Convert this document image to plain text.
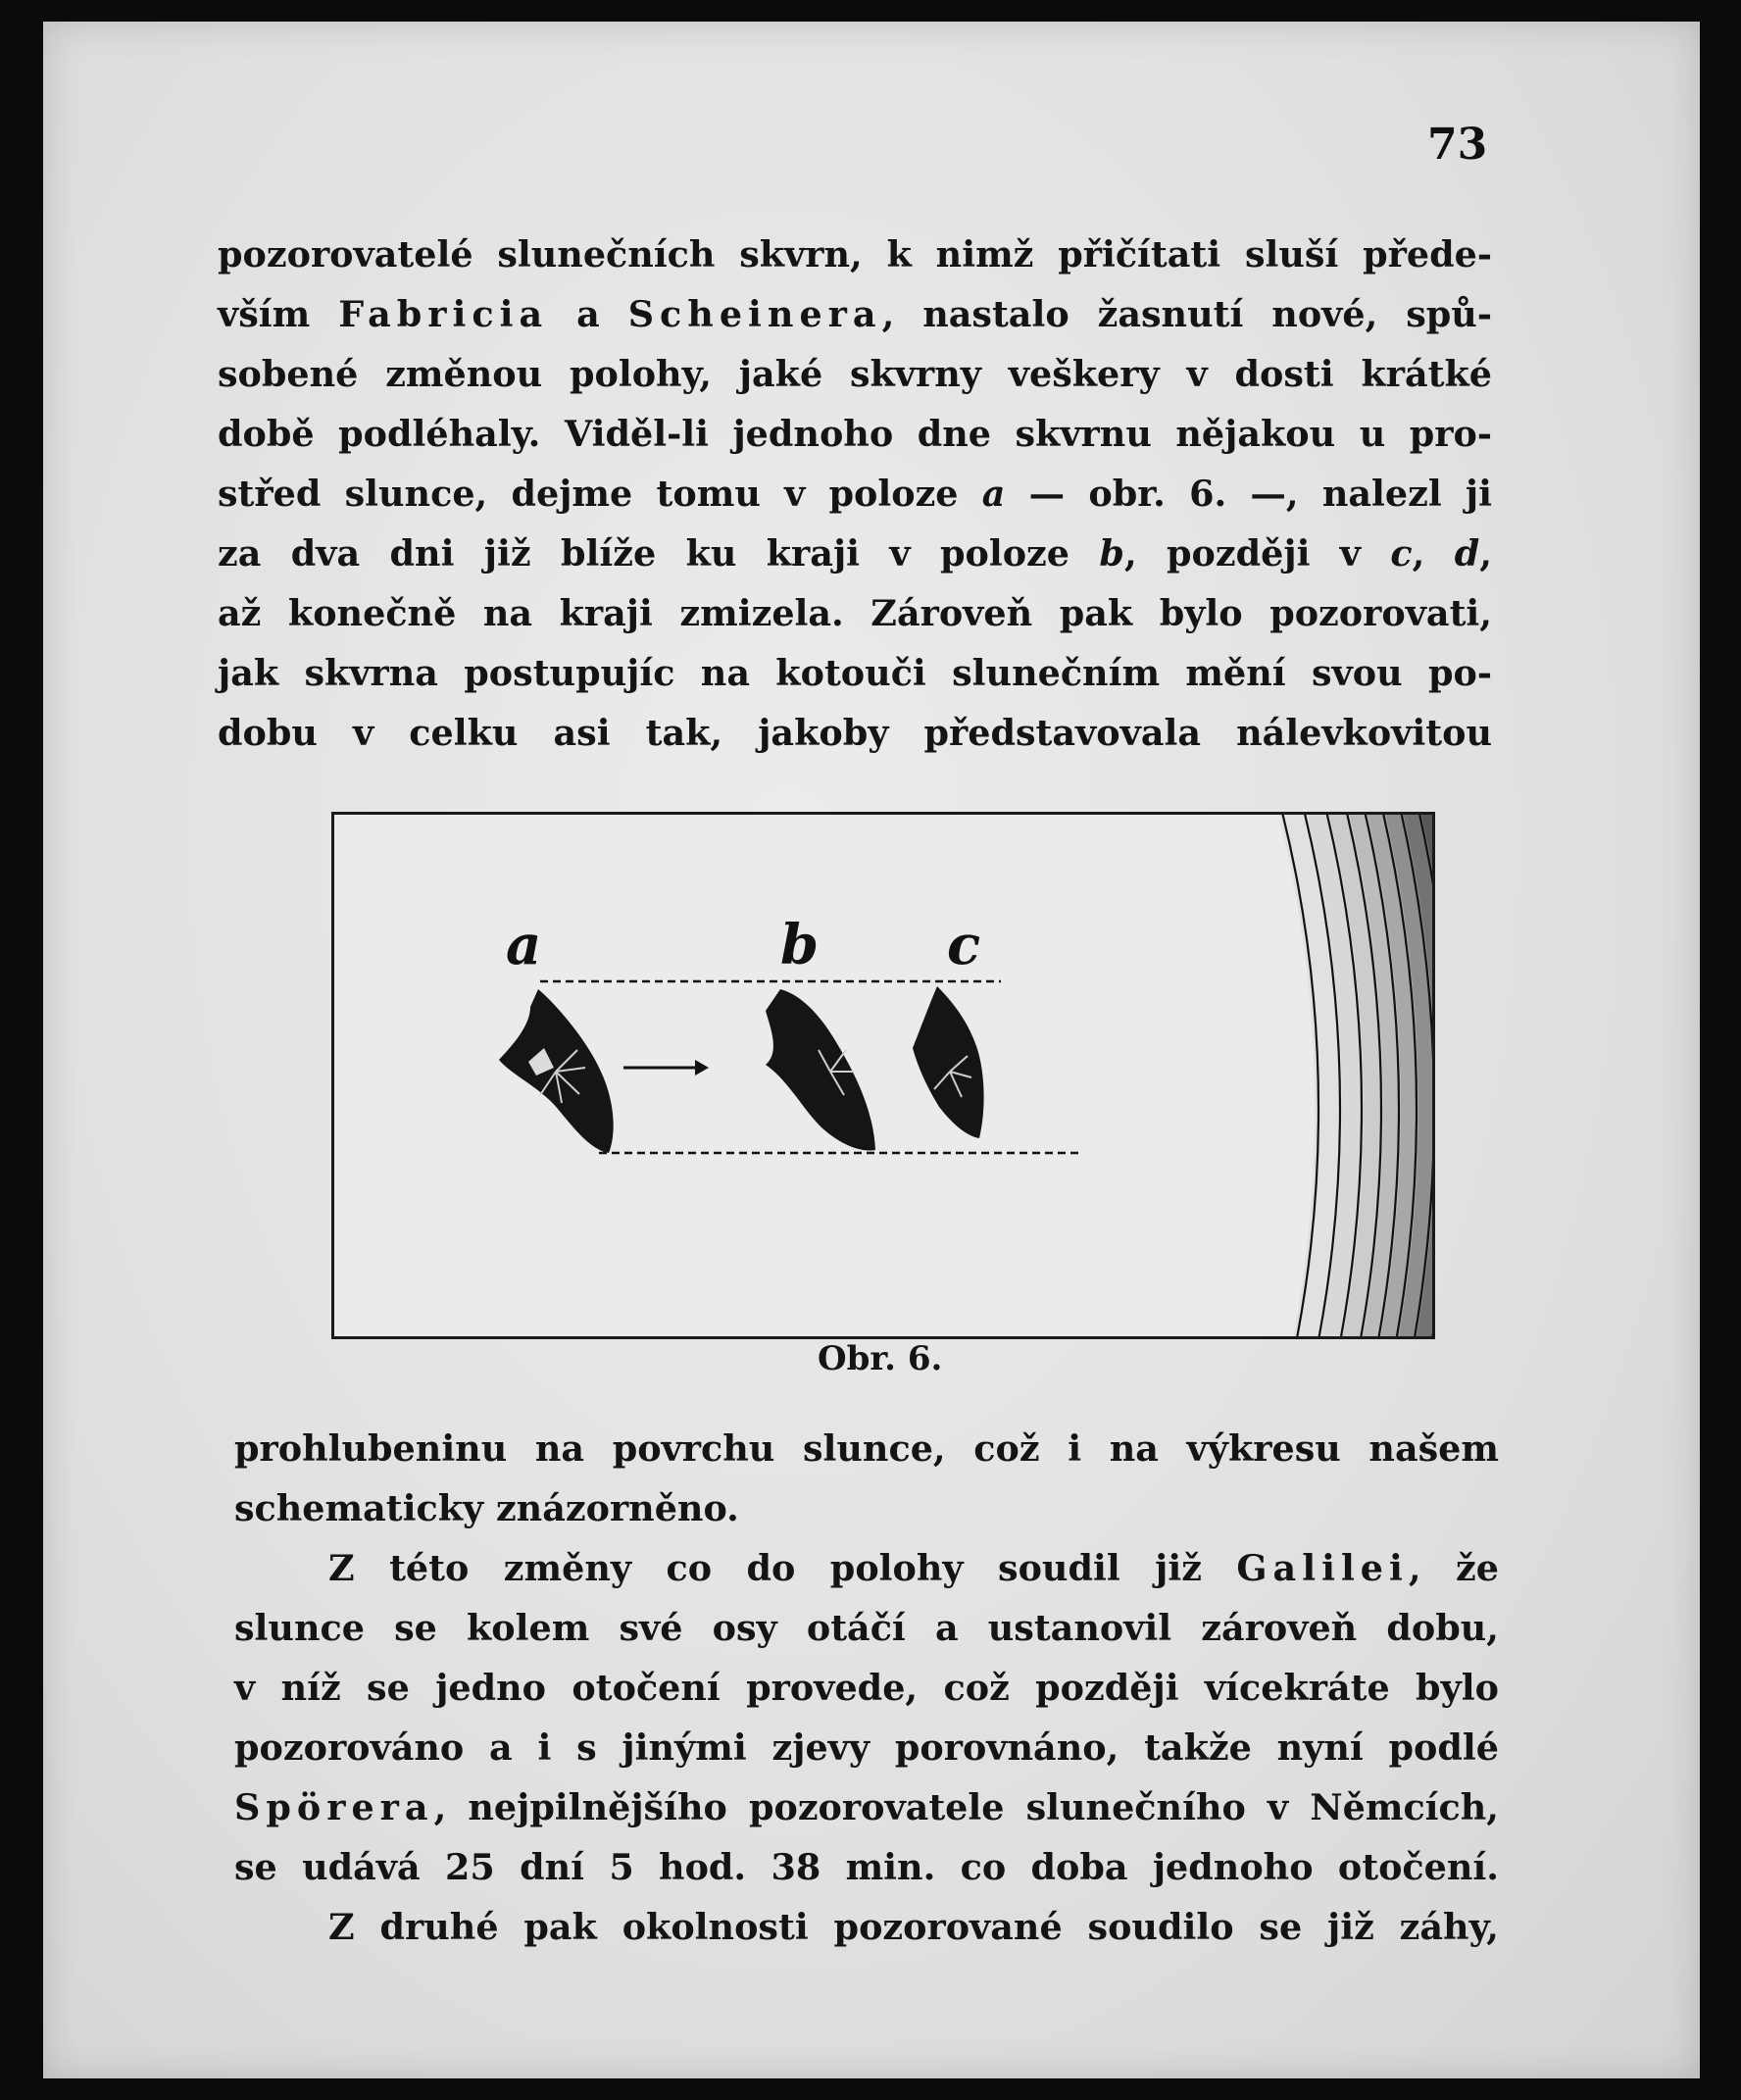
73

pozorovatelé slunečních skvrn, k nimž přičítati sluší přede-

vším Fabricia a Scheinera, nastalo žasnutí nové, spů-

sobené změnou polohy, jaké skvrny veškery v dosti krátké

době podléhaly. Viděl-li jednoho dne skvrnu nějakou u pro-

střed slunce, dejme tomu v poloze a — obr. 6. —, nalezl ji

za dva dni již blíže ku kraji v poloze b, později v c, d,

až konečně na kraji zmizela. Zároveň pak bylo pozorovati,

jak skvrna postupujíc na kotouči slunečním mění svou po-

dobu v celku asi tak, jakoby představovala nálevkovitou

a	b c
Obr. 6.

prohlubeninu na povrchu slunce, což i na výkresu našem

schematicky znázorněno.

Z této změny co do polohy soudil již Galilei, že

slunce se kolem své osy otáčí a ustanovil zároveň dobu,

v níž se jedno otočení provede, což později vícekráte bylo

pozorováno a i s jinými zjevy porovnáno, takže nyní podlé

Spörera, nejpilnějšího pozorovatele slunečního v Němcích,

se udává 25 dní 5 hod. 38 min. co doba jednoho otočení.

Z druhé pak okolnosti pozorované soudilo se již záhy,
